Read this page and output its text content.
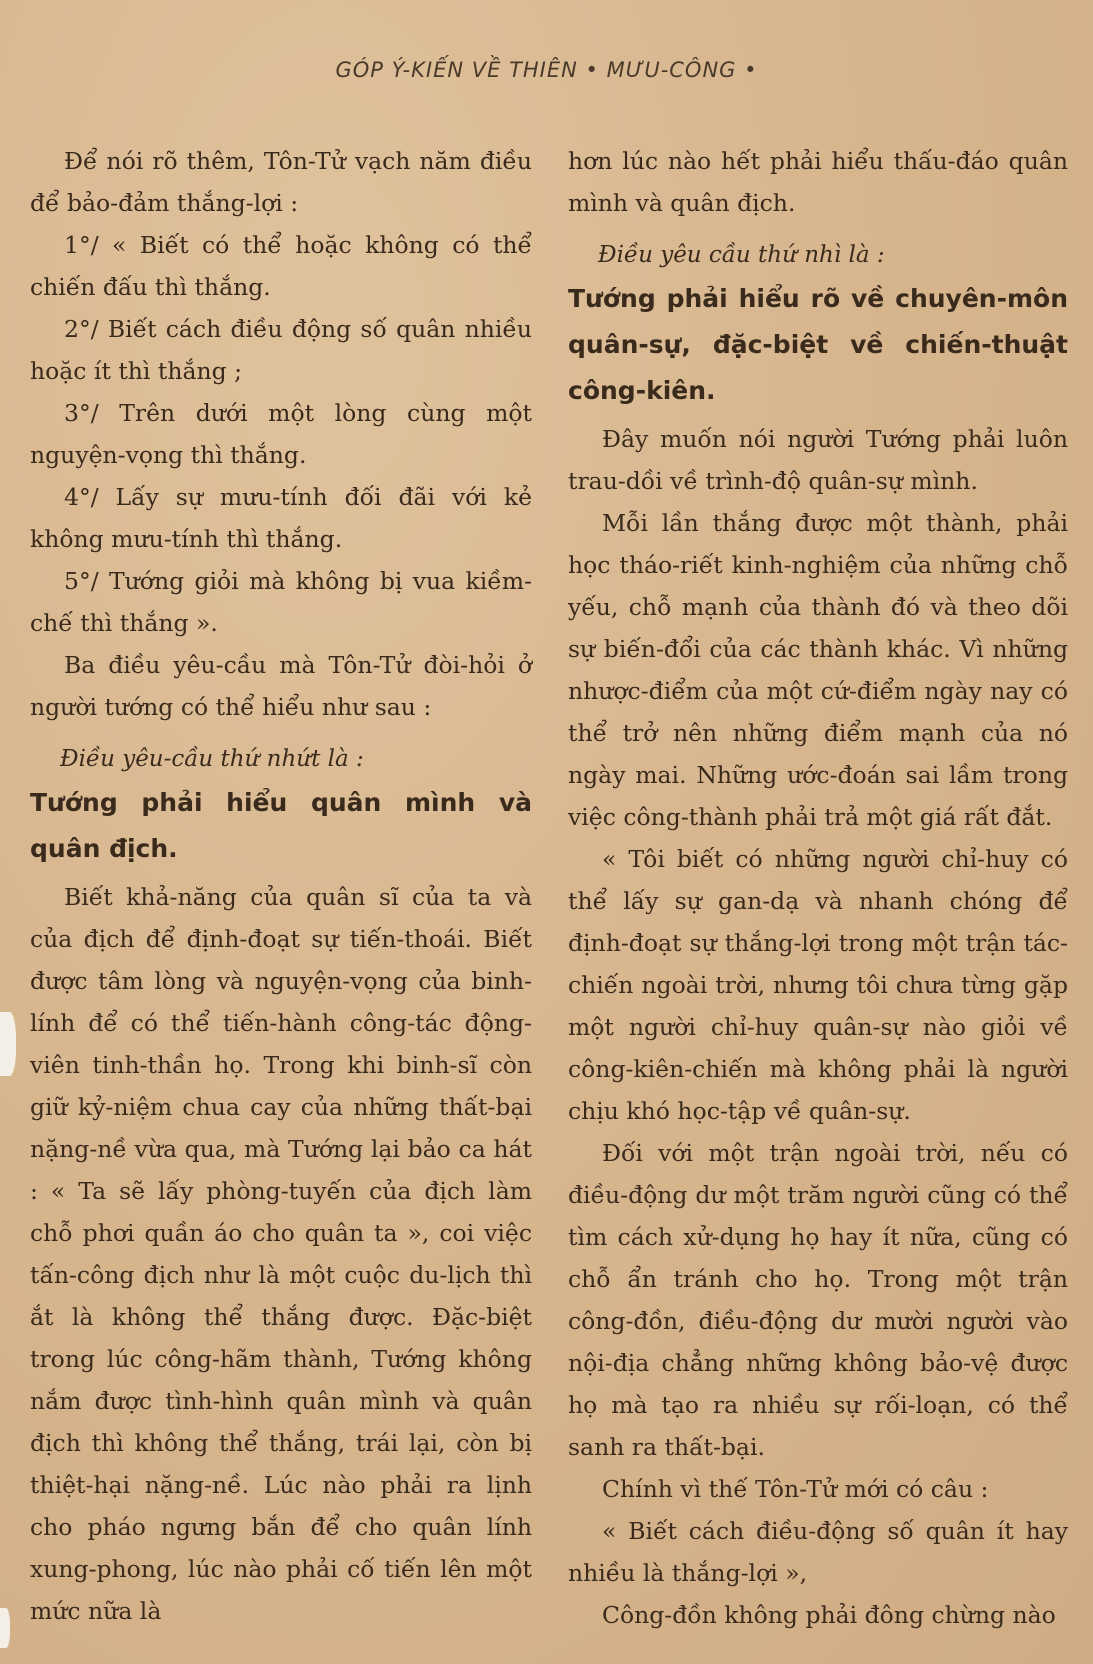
GÓP Ý-KIẾN VỀ THIÊN • MƯU-CÔNG •

Để nói rõ thêm, Tôn-Tử vạch năm điều để bảo-đảm thắng-lợi :

1°/ « Biết có thể hoặc không có thể chiến đấu thì thắng.

2°/ Biết cách điều động số quân nhiều hoặc ít thì thắng ;

3°/ Trên dưới một lòng cùng một nguyện-vọng thì thắng.

4°/ Lấy sự mưu-tính đối đãi với kẻ không mưu-tính thì thắng.

5°/ Tướng giỏi mà không bị vua kiềm-chế thì thắng ».

Ba điều yêu-cầu mà Tôn-Tử đòi-hỏi ở người tướng có thể hiểu như sau :

Điều yêu-cầu thứ nhứt là :

Tướng phải hiểu quân mình và quân địch.

Biết khả-năng của quân sĩ của ta và của địch để định-đoạt sự tiến-thoái. Biết được tâm lòng và nguyện-vọng của binh-lính để có thể tiến-hành công-tác động-viên tinh-thần họ. Trong khi binh-sĩ còn giữ kỷ-niệm chua cay của những thất-bại nặng-nề vừa qua, mà Tướng lại bảo ca hát : « Ta sẽ lấy phòng-tuyến của địch làm chỗ phơi quần áo cho quân ta », coi việc tấn-công địch như là một cuộc du-lịch thì ắt là không thể thắng được. Đặc-biệt trong lúc công-hãm thành, Tướng không nắm được tình-hình quân mình và quân địch thì không thể thắng, trái lại, còn bị thiệt-hại nặng-nề. Lúc nào phải ra lịnh cho pháo ngưng bắn để cho quân lính xung-phong, lúc nào phải cố tiến lên một mức nữa là

hơn lúc nào hết phải hiểu thấu-đáo quân mình và quân địch.

Điều yêu cầu thứ nhì là :

Tướng phải hiểu rõ về chuyên-môn quân-sự, đặc-biệt về chiến-thuật công-kiên.

Đây muốn nói người Tướng phải luôn trau-dồi về trình-độ quân-sự mình.

Mỗi lần thắng được một thành, phải học tháo-riết kinh-nghiệm của những chỗ yếu, chỗ mạnh của thành đó và theo dõi sự biến-đổi của các thành khác. Vì những nhược-điểm của một cứ-điểm ngày nay có thể trở nên những điểm mạnh của nó ngày mai. Những ước-đoán sai lầm trong việc công-thành phải trả một giá rất đắt.

« Tôi biết có những người chỉ-huy có thể lấy sự gan-dạ và nhanh chóng để định-đoạt sự thắng-lợi trong một trận tác-chiến ngoài trời, nhưng tôi chưa từng gặp một người chỉ-huy quân-sự nào giỏi về công-kiên-chiến mà không phải là người chịu khó học-tập về quân-sự.

Đối với một trận ngoài trời, nếu có điều-động dư một trăm người cũng có thể tìm cách xử-dụng họ hay ít nữa, cũng có chỗ ẩn tránh cho họ. Trong một trận công-đồn, điều-động dư mười người vào nội-địa chẳng những không bảo-vệ được họ mà tạo ra nhiều sự rối-loạn, có thể sanh ra thất-bại.

Chính vì thế Tôn-Tử mới có câu :

« Biết cách điều-động số quân ít hay nhiều là thắng-lợi »,

Công-đồn không phải đông chừng nào
